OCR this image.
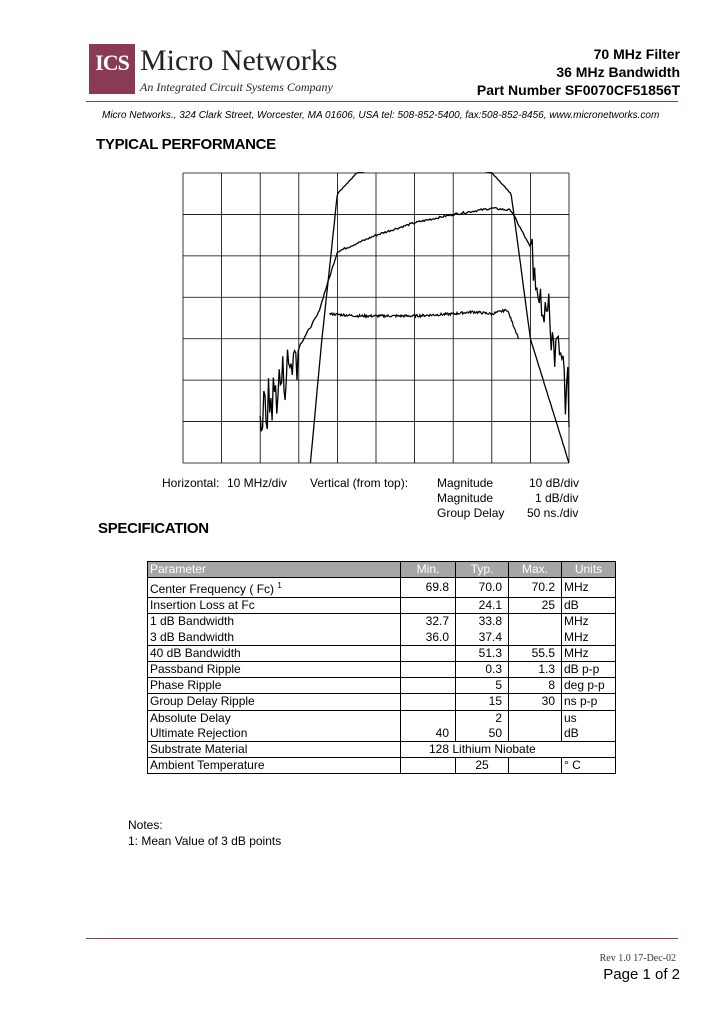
ICS Micro Networks
An Integrated Circuit Systems Company
70 MHz Filter
36 MHz Bandwidth
Part Number SF0070CF51856T
Micro Networks., 324 Clark Street, Worcester, MA 01606, USA tel: 508-852-5400, fax:508-852-8456, www.micronetworks.com
TYPICAL PERFORMANCE
Horizontal: 10 MHz/div Vertical (from top): Magnitude	10 dB/div
Magnitude	1 dB/div
Group Delay 50 ns./div
SPECIFICATION
Parameter	Min.	Typ.	Max.	Units
Center Frequency ( Fc) $^1$	69.8	70.0	70.2	MHz
Insertion Loss at Fc		24.1	25	dB
1 dB Bandwidth	32.7	33.8		MHz
3 dB Bandwidth	36.0	37.4		MHz
40 dB Bandwidth		51.3	55.5	MHz
Passband Ripple		0.3	1.3	dB p-p
Phase Ripple		5	8	deg p-p
Group Delay Ripple		15	30	ns p-p
Absolute Delay		2		us
Ultimate Rejection	40	50		dB
Substrate Material	128 Lithium Niobate			
Ambient Temperature		25		° C
Notes:
1: Mean Value of 3 dB points
Rev 1.0 17-Dec-02
Page 1 of 2
